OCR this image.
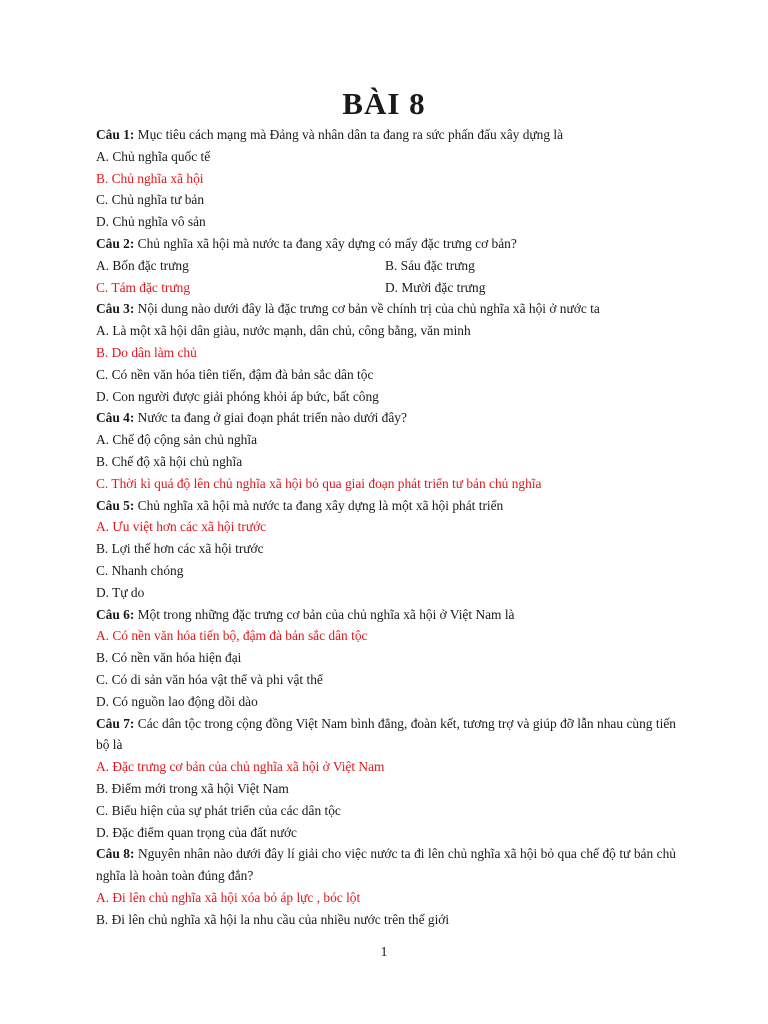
BÀI 8
Câu 1: Mục tiêu cách mạng mà Đảng và nhân dân ta đang ra sức phấn đấu xây dựng là
A. Chủ nghĩa quốc tế
B. Chủ nghĩa xã hội
C. Chủ nghĩa tư bản
D. Chủ nghĩa vô sản
Câu 2: Chủ nghĩa xã hội mà nước ta đang xây dựng có mấy đặc trưng cơ bản?
A. Bốn đặc trưng	B. Sáu đặc trưng
C. Tám đặc trưng	D. Mười đặc trưng
Câu 3: Nội dung nào dưới đây là đặc trưng cơ bản về chính trị của chủ nghĩa xã hội ở nước ta
A. Là một xã hội dân giàu, nước mạnh, dân chủ, công bằng, văn minh
B. Do dân làm chủ
C. Có nền văn hóa tiên tiến, đậm đà bản sắc dân tộc
D. Con người được giải phóng khỏi áp bức, bất công
Câu 4: Nước ta đang ở giai đoạn phát triển nào dưới đây?
A. Chế độ cộng sản chủ nghĩa
B. Chế độ xã hội chủ nghĩa
C. Thời kì quá độ lên chủ nghĩa xã hội bỏ qua giai đoạn phát triển tư bản chủ nghĩa
Câu 5: Chủ nghĩa xã hội mà nước ta đang xây dựng là một xã hội phát triển
A. Ưu việt hơn các xã hội trước
B. Lợi thế hơn các xã hội trước
C. Nhanh chóng
D. Tự do
Câu 6: Một trong những đặc trưng cơ bản của chủ nghĩa xã hội ở Việt Nam là
A. Có nền văn hóa tiến bộ, đậm đà bản sắc dân tộc
B. Có nền văn hóa hiện đại
C. Có di sản văn hóa vật thể và phi vật thể
D. Có nguồn lao động dồi dào
Câu 7: Các dân tộc trong cộng đồng Việt Nam bình đẳng, đoàn kết, tương trợ và giúp đỡ lẫn nhau cùng tiến bộ là
A. Đặc trưng cơ bản của chủ nghĩa xã hội ở Việt Nam
B. Điểm mới trong xã hội Việt Nam
C. Biểu hiện của sự phát triển của các dân tộc
D. Đặc điểm quan trọng của đất nước
Câu 8: Nguyên nhân nào dưới đây lí giải cho việc nước ta đi lên chủ nghĩa xã hội bỏ qua chế độ tư bản chủ nghĩa là hoàn toàn đúng đắn?
A. Đi lên chủ nghĩa xã hội xóa bỏ áp lực , bóc lột
B. Đi lên chủ nghĩa xã hội la nhu cầu của nhiều nước trên thế giới
1
